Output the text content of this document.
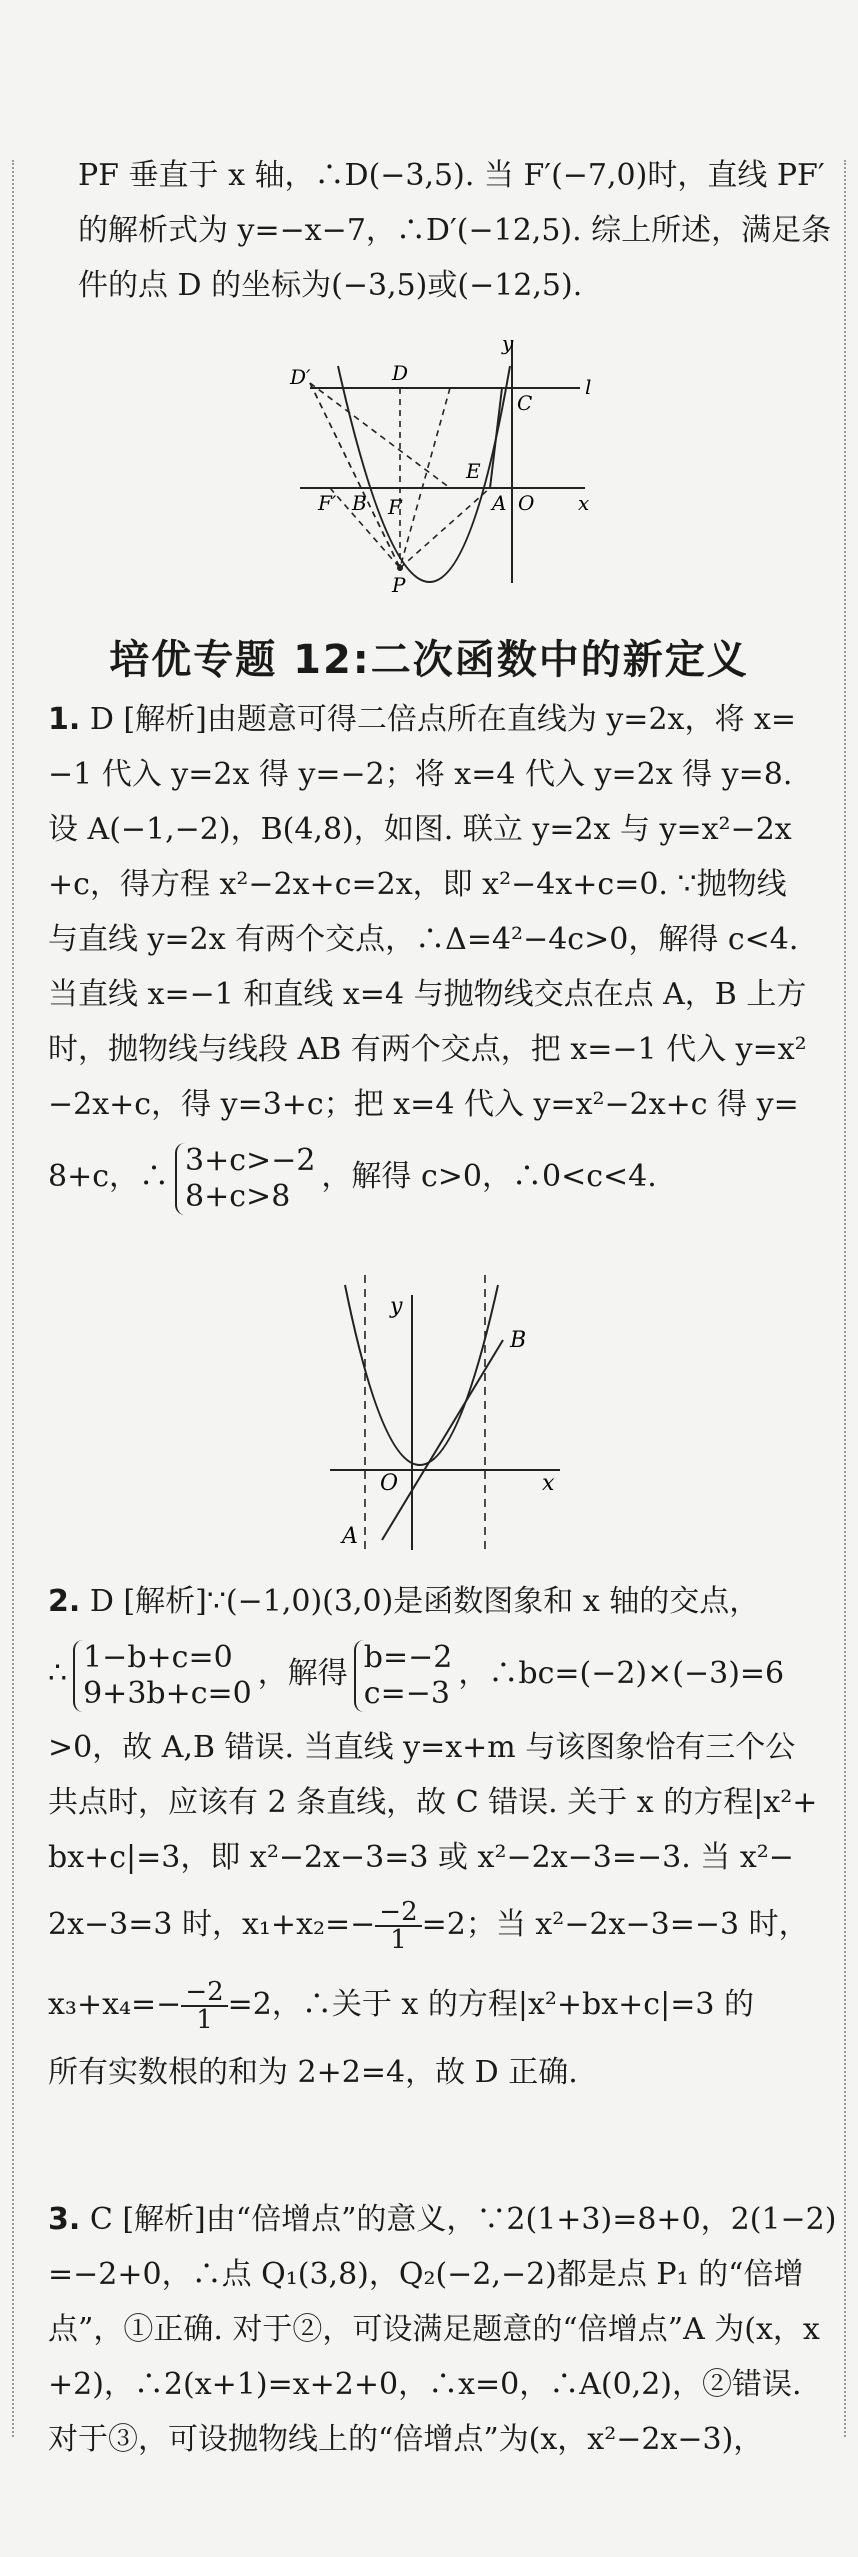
PF 垂直于 x 轴，∴D(−3,5). 当 F′(−7,0)时，直线 PF′
的解析式为 y=−x−7，∴D′(−12,5). 综上所述，满足条
件的点 D 的坐标为(−3,5)或(−12,5).
D′	D
y
l
C
E
F′ B F	A O x
P
培优专题 12:二次函数中的新定义
1. D [解析]由题意可得二倍点所在直线为 y=2x，将 x=
−1 代入 y=2x 得 y=−2；将 x=4 代入 y=2x 得 y=8.
设 A(−1,−2)，B(4,8)，如图. 联立 y=2x 与 y=x²−2x
+c，得方程 x²−2x+c=2x，即 x²−4x+c=0. ∵抛物线
与直线 y=2x 有两个交点，∴Δ=4²−4c>0，解得 c<4.
当直线 x=−1 和直线 x=4 与抛物线交点在点 A，B 上方
时，抛物线与线段 AB 有两个交点，把 x=−1 代入 y=x²
−2x+c，得 y=3+c；把 x=4 代入 y=x²−2x+c 得 y=
8+c，∴ 3+c>−2
8+c>8
，解得 c>0，∴0<c<4.
y
B
O	x
A
2. D [解析]∵(−1,0)(3,0)是函数图象和 x 轴的交点，
∴ 1−b+c=0
9+3b+c=0
，解得 b=−2
c=−3
，∴bc=(−2)×(−3)=6
>0，故 A,B 错误. 当直线 y=x+m 与该图象恰有三个公
共点时，应该有 2 条直线，故 C 错误. 关于 x 的方程|x²+
bx+c|=3，即 x²−2x−3=3 或 x²−2x−3=−3. 当 x²−
2x−3=3 时，$x_1+x_2=- \frac{-2}{1} =2$；当 x²−2x−3=−3 时，
$x_3+x_4=- \frac{-2}{1} =2$，∴关于 x 的方程|x²+bx+c|=3 的
所有实数根的和为 2+2=4，故 D 正确.
3. C [解析]由“倍增点”的意义，∵2(1+3)=8+0，2(1−2)
=−2+0，∴点 Q₁(3,8)，Q₂(−2,−2)都是点 P₁ 的“倍增
点”，①正确. 对于②，可设满足题意的“倍增点”A 为(x，x
+2)，∴2(x+1)=x+2+0，∴x=0，∴A(0,2)，②错误.
对于③，可设抛物线上的“倍增点”为(x，x²−2x−3)，
